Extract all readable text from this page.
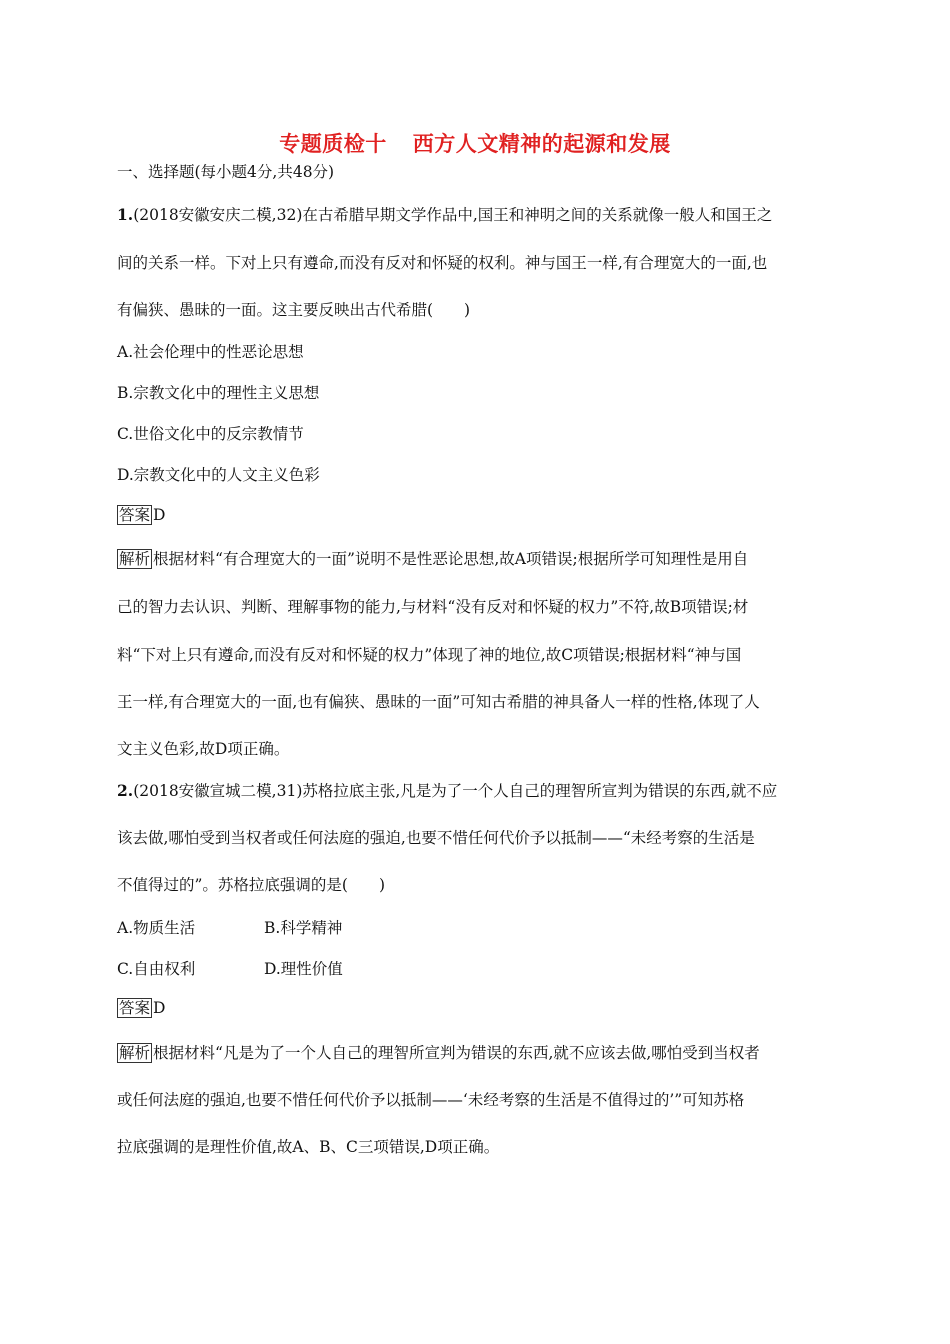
专题质检十 西方人文精神的起源和发展
一、选择题(每小题4分,共48分)
1.(2018安徽安庆二模,32)在古希腊早期文学作品中,国王和神明之间的关系就像一般人和国王之
间的关系一样。下对上只有遵命,而没有反对和怀疑的权利。神与国王一样,有合理宽大的一面,也
有偏狭、愚昧的一面。这主要反映出古代希腊(　　)
A.社会伦理中的性恶论思想
B.宗教文化中的理性主义思想
C.世俗文化中的反宗教情节
D.宗教文化中的人文主义色彩
答案 D
解析 根据材料“有合理宽大的一面”说明不是性恶论思想,故A项错误;根据所学可知理性是用自
己的智力去认识、判断、理解事物的能力,与材料“没有反对和怀疑的权力”不符,故B项错误;材
料“下对上只有遵命,而没有反对和怀疑的权力”体现了神的地位,故C项错误;根据材料“神与国
王一样,有合理宽大的一面,也有偏狭、愚昧的一面”可知古希腊的神具备人一样的性格,体现了人
文主义色彩,故D项正确。
2.(2018安徽宣城二模,31)苏格拉底主张,凡是为了一个人自己的理智所宣判为错误的东西,就不应
该去做,哪怕受到当权者或任何法庭的强迫,也要不惜任何代价予以抵制——“未经考察的生活是
不值得过的”。苏格拉底强调的是(　　)
A.物质生活	B.科学精神
C.自由权利	D.理性价值
答案 D
解析 根据材料“凡是为了一个人自己的理智所宣判为错误的东西,就不应该去做,哪怕受到当权者
或任何法庭的强迫,也要不惜任何代价予以抵制——‘未经考察的生活是不值得过的’”可知苏格
拉底强调的是理性价值,故A、B、C三项错误,D项正确。
